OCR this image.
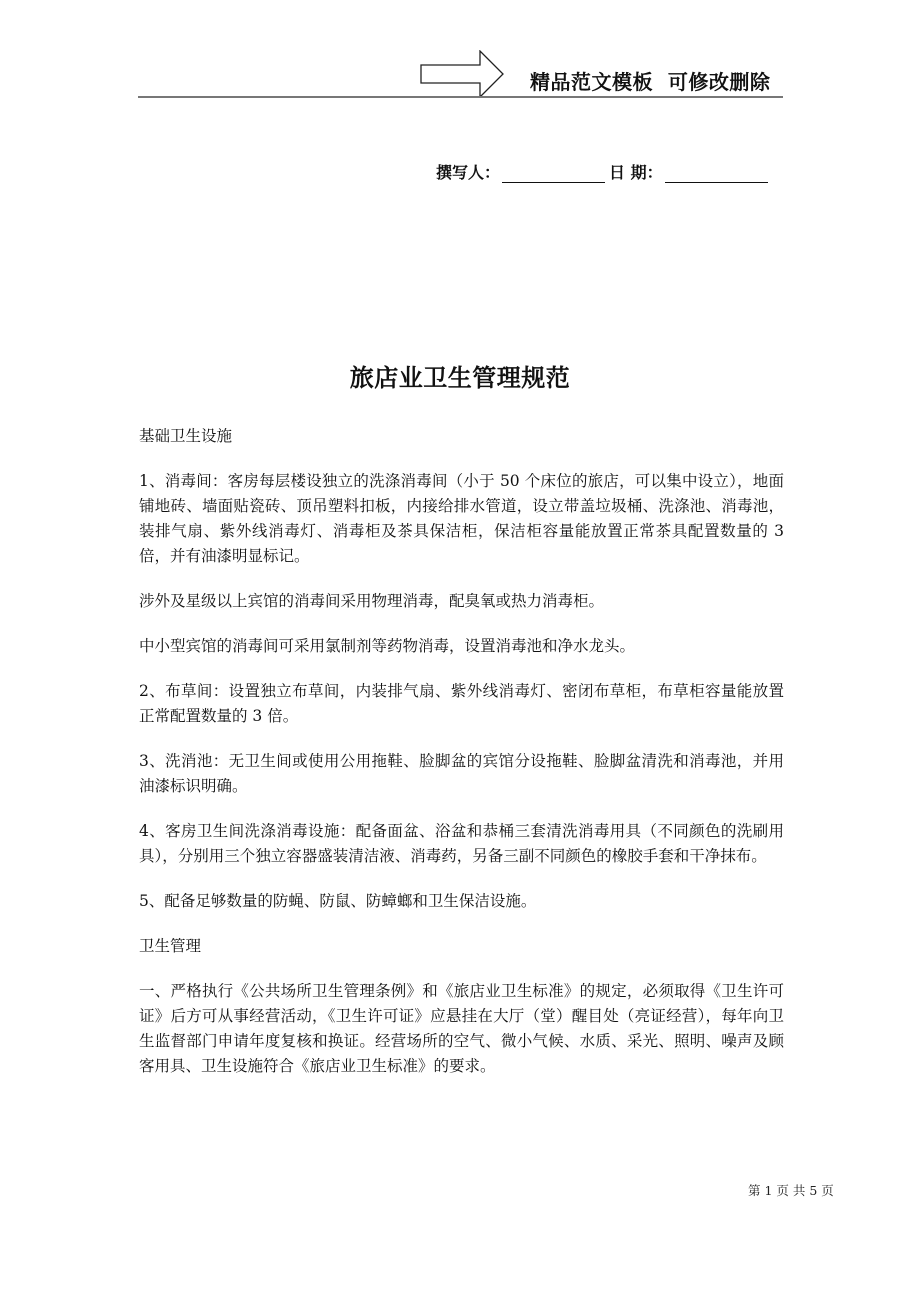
精品范文模板  可修改删除
撰写人：	日 期：
旅店业卫生管理规范

基础卫生设施

1、消毒间：客房每层楼设独立的洗涤消毒间（小于 50 个床位的旅店，可以集中设立），地面铺地砖、墙面贴瓷砖、顶吊塑料扣板，内接给排水管道，设立带盖垃圾桶、洗涤池、消毒池，装排气扇、紫外线消毒灯、消毒柜及茶具保洁柜，保洁柜容量能放置正常茶具配置数量的 3 倍，并有油漆明显标记。

涉外及星级以上宾馆的消毒间采用物理消毒，配臭氧或热力消毒柜。

中小型宾馆的消毒间可采用氯制剂等药物消毒，设置消毒池和净水龙头。

2、布草间：设置独立布草间，内装排气扇、紫外线消毒灯、密闭布草柜，布草柜容量能放置正常配置数量的 3 倍。

3、洗消池：无卫生间或使用公用拖鞋、脸脚盆的宾馆分设拖鞋、脸脚盆清洗和消毒池，并用油漆标识明确。

4、客房卫生间洗涤消毒设施：配备面盆、浴盆和恭桶三套清洗消毒用具（不同颜色的洗刷用具），分别用三个独立容器盛装清洁液、消毒药，另备三副不同颜色的橡胶手套和干净抹布。

5、配备足够数量的防蝇、防鼠、防蟑螂和卫生保洁设施。

卫生管理

一、严格执行《公共场所卫生管理条例》和《旅店业卫生标准》的规定，必须取得《卫生许可证》后方可从事经营活动，《卫生许可证》应悬挂在大厅（堂）醒目处（亮证经营），每年向卫生监督部门申请年度复核和换证。经营场所的空气、微小气候、水质、采光、照明、噪声及顾客用具、卫生设施符合《旅店业卫生标准》的要求。

第 1 页 共 5 页
